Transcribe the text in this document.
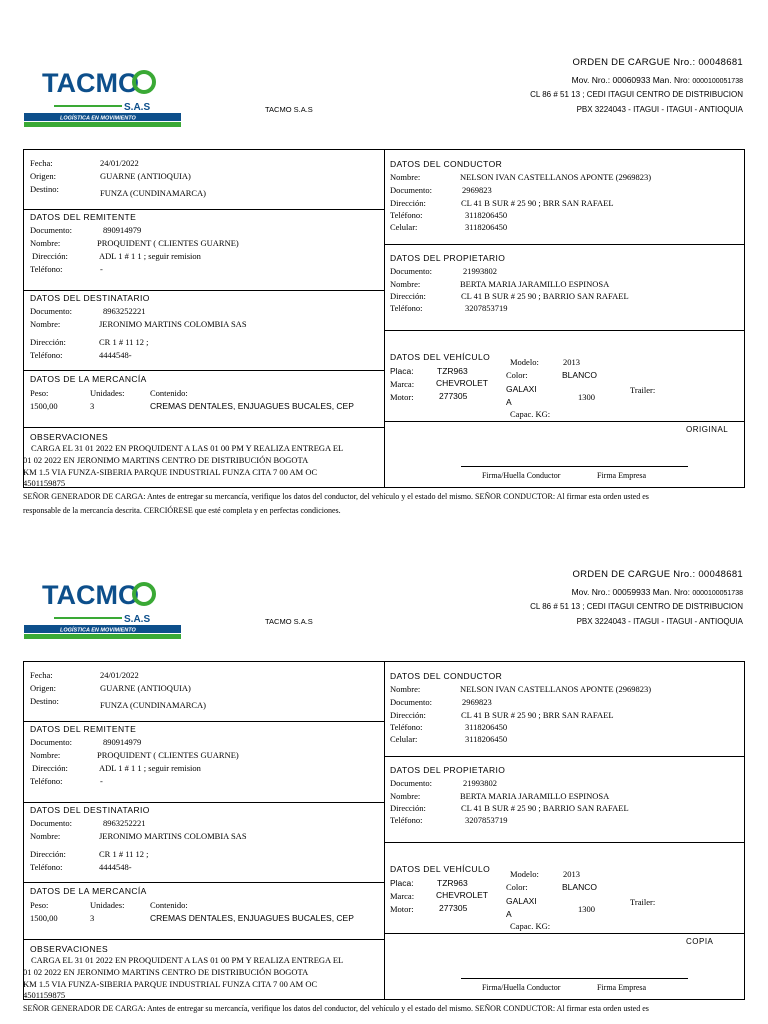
TACMO
S.A.S
LOGÍSTICA EN MOVIMIENTO
TACMO S.A.S
ORDEN DE CARGUE Nro.: 00048681
Mov. Nro.: 00060933 Man. Nro: 0000100051738
CL 86 # 51 13 ; CEDI ITAGUI CENTRO DE DISTRIBUCION
PBX 3224043 - ITAGUI - ITAGUI - ANTIOQUIA
Fecha:	24/01/2022
Origen:	GUARNE (ANTIOQUIA)
Destino:	FUNZA (CUNDINAMARCA)
DATOS DEL REMITENTE
Documento:	890914979
Nombre:	PROQUIDENT ( CLIENTES GUARNE)
Dirección:	ADL 1 # 1 1 ; seguir remision
Teléfono:	-
DATOS DEL DESTINATARIO
Documento:	8963252221
Nombre:	JERONIMO MARTINS COLOMBIA SAS
Dirección:	CR 1 # 11 12 ;
Teléfono:	4444548-
DATOS DE LA MERCANCÍA
Peso:	Unidades:	Contenido:
1500,00	3	CREMAS DENTALES, ENJUAGUES BUCALES, CEP
OBSERVACIONES
CARGA EL 31 01 2022 EN PROQUIDENT A LAS 01 00 PM Y REALIZA ENTREGA EL
01 02 2022 EN JERONIMO MARTINS CENTRO DE DISTRIBUCIÓN BOGOTA
KM 1.5 VIA FUNZA-SIBERIA PARQUE INDUSTRIAL FUNZA CITA 7 00 AM OC
4501159875
DATOS DEL CONDUCTOR
Nombre:	NELSON IVAN CASTELLANOS APONTE (2969823)
Documento:	2969823
Dirección:	CL 41 B SUR # 25 90 ; BRR SAN RAFAEL
Teléfono:	3118206450
Celular:	3118206450
DATOS DEL PROPIETARIO
Documento:	21993802
Nombre:	BERTA MARIA JARAMILLO ESPINOSA
Dirección:	CL 41 B SUR # 25 90 ; BARRIO SAN RAFAEL
Teléfono:	3207853719
DATOS DEL VEHÍCULO
Placa:	TZR963
Marca:	CHEVROLET
Motor:	277305
Modelo:	2013
Color:	BLANCO
GALAXI
A	1300
Trailer:
Capac. KG:
ORIGINAL
Firma/Huella Conductor	Firma Empresa
SEÑOR GENERADOR DE CARGA: Antes de entregar su mercancía, verifique los datos del conductor, del vehículo y el estado del mismo. SEÑOR CONDUCTOR: Al firmar esta orden usted es
responsable de la mercancía descrita. CERCIÓRESE que esté completa y en perfectas condiciones.
TACMO
S.A.S
LOGÍSTICA EN MOVIMIENTO
TACMO S.A.S
ORDEN DE CARGUE Nro.: 00048681
Mov. Nro.: 00059933 Man. Nro: 0000100051738
CL 86 # 51 13 ; CEDI ITAGUI CENTRO DE DISTRIBUCION
PBX 3224043 - ITAGUI - ITAGUI - ANTIOQUIA
Fecha:	24/01/2022
Origen:	GUARNE (ANTIOQUIA)
Destino:	FUNZA (CUNDINAMARCA)
DATOS DEL REMITENTE
Documento:	890914979
Nombre:	PROQUIDENT ( CLIENTES GUARNE)
Dirección:	ADL 1 # 1 1 ; seguir remision
Teléfono:	-
DATOS DEL DESTINATARIO
Documento:	8963252221
Nombre:	JERONIMO MARTINS COLOMBIA SAS
Dirección:	CR 1 # 11 12 ;
Teléfono:	4444548-
DATOS DE LA MERCANCÍA
Peso:	Unidades:	Contenido:
1500,00	3	CREMAS DENTALES, ENJUAGUES BUCALES, CEP
OBSERVACIONES
CARGA EL 31 01 2022 EN PROQUIDENT A LAS 01 00 PM Y REALIZA ENTREGA EL
01 02 2022 EN JERONIMO MARTINS CENTRO DE DISTRIBUCIÓN BOGOTA
KM 1.5 VIA FUNZA-SIBERIA PARQUE INDUSTRIAL FUNZA CITA 7 00 AM OC
4501159875
DATOS DEL CONDUCTOR
Nombre:	NELSON IVAN CASTELLANOS APONTE (2969823)
Documento:	2969823
Dirección:	CL 41 B SUR # 25 90 ; BRR SAN RAFAEL
Teléfono:	3118206450
Celular:	3118206450
DATOS DEL PROPIETARIO
Documento:	21993802
Nombre:	BERTA MARIA JARAMILLO ESPINOSA
Dirección:	CL 41 B SUR # 25 90 ; BARRIO SAN RAFAEL
Teléfono:	3207853719
DATOS DEL VEHÍCULO
Placa:	TZR963
Marca:	CHEVROLET
Motor:	277305
Modelo:	2013
Color:	BLANCO
GALAXI
A	1300
Trailer:
Capac. KG:
COPIA
Firma/Huella Conductor	Firma Empresa
SEÑOR GENERADOR DE CARGA: Antes de entregar su mercancía, verifique los datos del conductor, del vehículo y el estado del mismo. SEÑOR CONDUCTOR: Al firmar esta orden usted es
